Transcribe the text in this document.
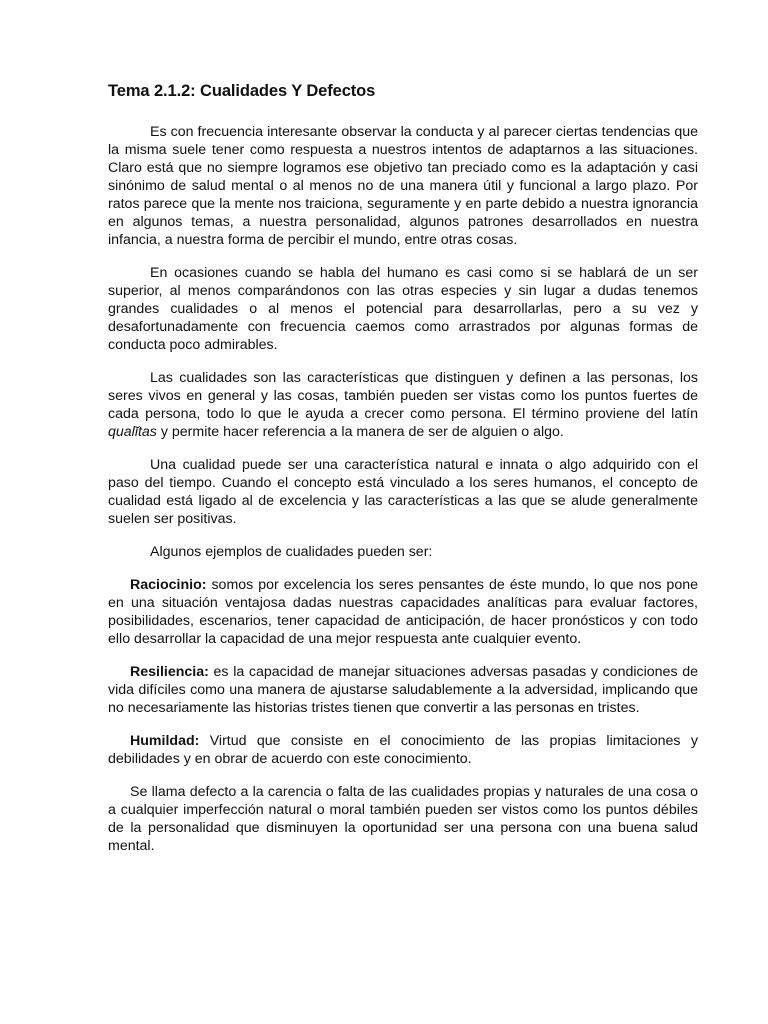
Tema 2.1.2: Cualidades Y Defectos

Es con frecuencia interesante observar la conducta y al parecer ciertas tendencias que la misma suele tener como respuesta a nuestros intentos de adaptarnos a las situaciones. Claro está que no siempre logramos ese objetivo tan preciado como es la adaptación y casi sinónimo de salud mental o al menos no de una manera útil y funcional a largo plazo. Por ratos parece que la mente nos traiciona, seguramente y en parte debido a nuestra ignorancia en algunos temas, a nuestra personalidad, algunos patrones desarrollados en nuestra infancia, a nuestra forma de percibir el mundo, entre otras cosas.

En ocasiones cuando se habla del humano es casi como si se hablará de un ser superior, al menos comparándonos con las otras especies y sin lugar a dudas tenemos grandes cualidades o al menos el potencial para desarrollarlas, pero a su vez y desafortunadamente con frecuencia caemos como arrastrados por algunas formas de conducta poco admirables.

Las cualidades son las características que distinguen y definen a las personas, los seres vivos en general y las cosas, también pueden ser vistas como los puntos fuertes de cada persona, todo lo que le ayuda a crecer como persona. El término proviene del latín qualĭtas y permite hacer referencia a la manera de ser de alguien o algo.

Una cualidad puede ser una característica natural e innata o algo adquirido con el paso del tiempo. Cuando el concepto está vinculado a los seres humanos, el concepto de cualidad está ligado al de excelencia y las características a las que se alude generalmente suelen ser positivas.

Algunos ejemplos de cualidades pueden ser:

Raciocinio: somos por excelencia los seres pensantes de éste mundo, lo que nos pone en una situación ventajosa dadas nuestras capacidades analíticas para evaluar factores, posibilidades, escenarios, tener capacidad de anticipación, de hacer pronósticos y con todo ello desarrollar la capacidad de una mejor respuesta ante cualquier evento.

Resiliencia: es la capacidad de manejar situaciones adversas pasadas y condiciones de vida difíciles como una manera de ajustarse saludablemente a la adversidad, implicando que no necesariamente las historias tristes tienen que convertir a las personas en tristes.

Humildad: Virtud que consiste en el conocimiento de las propias limitaciones y debilidades y en obrar de acuerdo con este conocimiento.

Se llama defecto a la carencia o falta de las cualidades propias y naturales de una cosa o a cualquier imperfección natural o moral también pueden ser vistos como los puntos débiles de la personalidad que disminuyen la oportunidad ser una persona con una buena salud mental.
